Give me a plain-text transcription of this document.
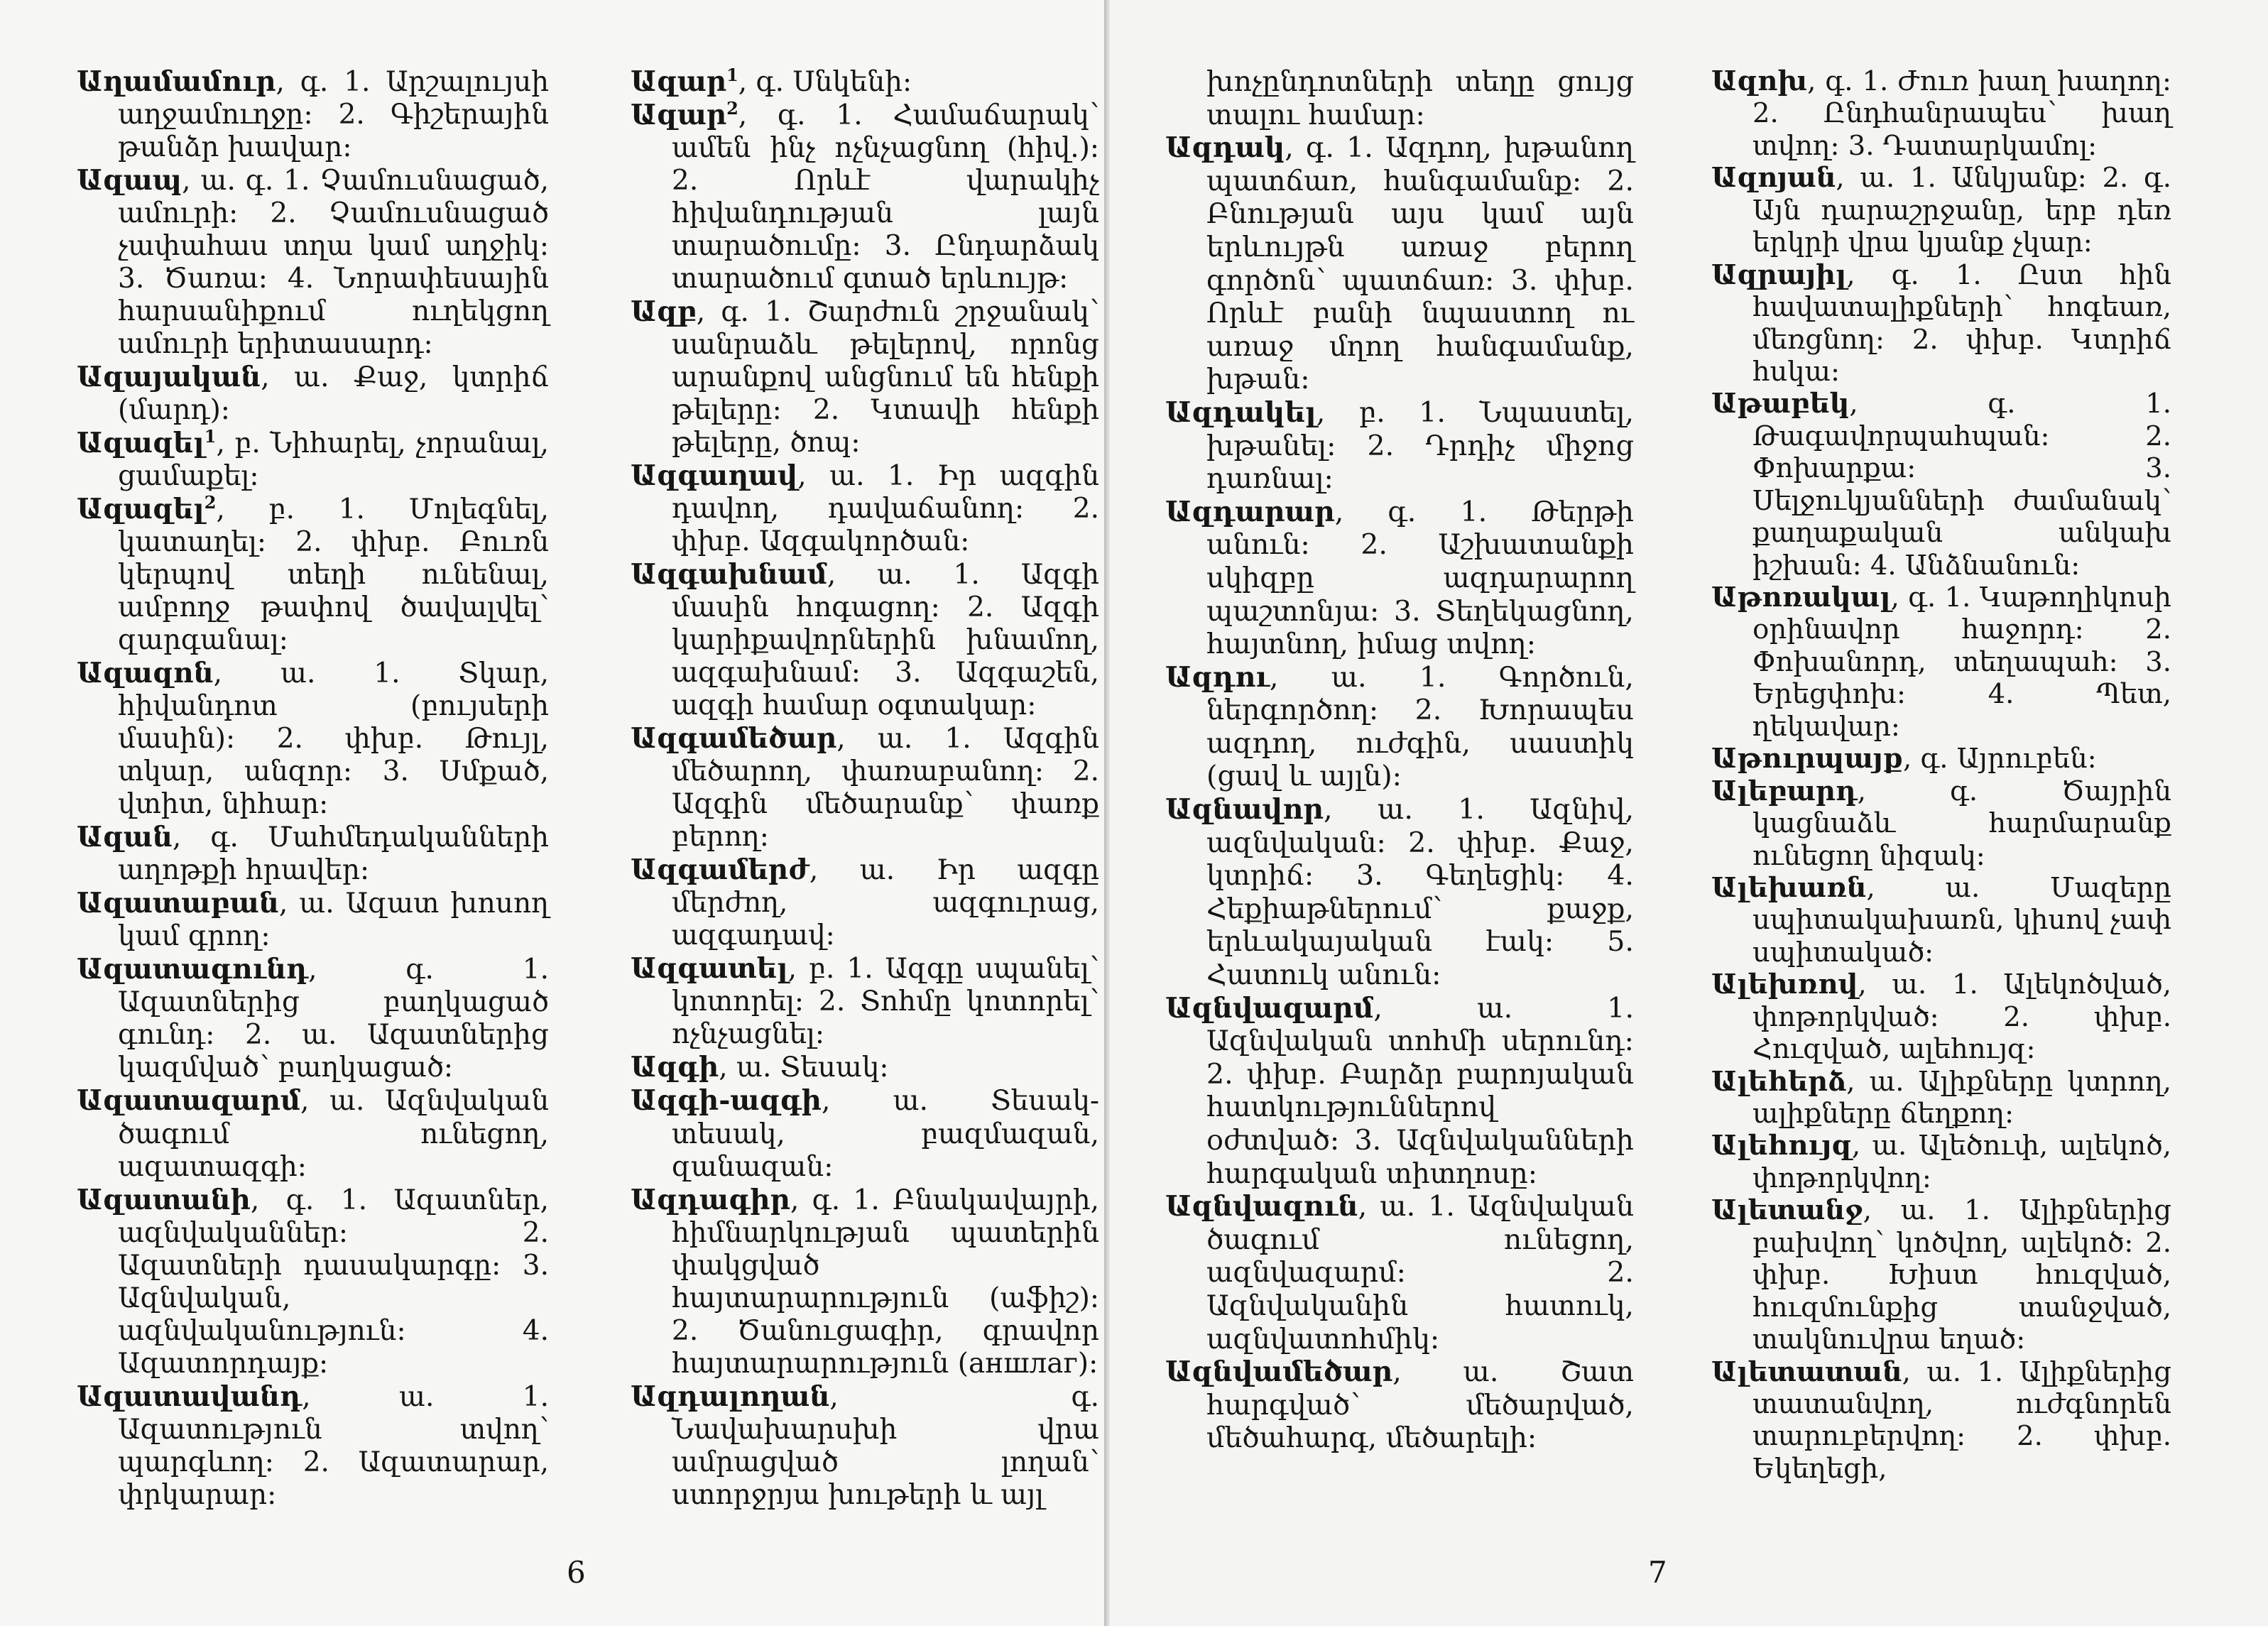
Աղամամուր, գ. 1. Արշալույսի աղջամուղջը: 2. Գիշերային թանձր խավար:

Ազապ, ա. գ. 1. Չամուսնացած, ամուրի: 2. Չամուսնացած չափահաս տղա կամ աղջիկ: 3. Ծառա: 4. Նորափեսային հարսանիքում ուղեկցող ամուրի երիտասարդ:

Ազայական, ա. Քաջ, կտրիճ (մարդ):

Ազազել$^1$, բ. Նիհարել, չորանալ, ցամաքել:

Ազազել$^2$, բ. 1. Մոլեգնել, կատաղել: 2. փխբ. Բուռն կերպով տեղի ունենալ, ամբողջ թափով ծավալվել՝ զարգանալ:

Ազազոն, ա. 1. Տկար, հիվանդոտ (բույսերի մասին): 2. փխբ. Թույլ, տկար, անզոր: 3. Սմքած, վտիտ, նիհար:

Ազան, գ. Մահմեդականների աղոթքի հրավեր:

Ազատաբան, ա. Ազատ խոսող կամ գրող:

Ազատագունդ, գ. 1. Ազատներից բաղկացած գունդ: 2. ա. Ազատներից կազմված՝ բաղկացած:

Ազատազարմ, ա. Ազնվական ծագում ունեցող, ազատազգի:

Ազատանի, գ. 1. Ազատներ, ազնվականներ: 2. Ազատների դասակարգը: 3. Ազնվական, ազնվականություն: 4. Ազատորդայք:

Ազատավանդ, ա. 1. Ազատություն տվող՝ պարգևող: 2. Ազատարար, փրկարար:

Ազար$^1$, գ. Սնկենի:

Ազար$^2$, գ. 1. Համաճարակ՝ ամեն ինչ ոչնչացնող (հիվ.): 2. Որևէ վարակիչ հիվանդության լայն տարածումը: 3. Ընդարձակ տարածում գտած երևույթ:

Ազբ, գ. 1. Շարժուն շրջանակ՝ սանրաձև թելերով, որոնց արանքով անցնում են հենքի թելերը: 2. Կտավի հենքի թելերը, ծոպ:

Ազգաղավ, ա. 1. Իր ազգին դավող, դավաճանող: 2. փխբ. Ազգակործան:

Ազգախնամ, ա. 1. Ազգի մասին հոգացող: 2. Ազգի կարիքավորներին խնամող, ազգախնամ: 3. Ազգաշեն, ազգի համար օգտակար:

Ազգամեծար, ա. 1. Ազգին մեծարող, փառաբանող: 2. Ազգին մեծարանք՝ փառք բերող:

Ազգամերժ, ա. Իր ազգը մերժող, ազգուրաց, ազգադավ:

Ազգատել, բ. 1. Ազգը սպանել՝ կոտորել: 2. Տոհմը կոտորել՝ ոչնչացնել:

Ազգի, ա. Տեսակ:

Ազգի-ազգի, ա. Տեսակ-տեսակ, բազմազան, զանազան:

Ազդագիր, գ. 1. Բնակավայրի, հիմնարկության պատերին փակցված հայտարարություն (աֆիշ): 2. Ծանուցագիր, գրավոր հայտարարություն (аншлаг):

Ազդալողան, գ. Նավախարսխի վրա ամրացված լողան՝ ստորջրյա խութերի և այլ

6

խոչընդոտների տեղը ցույց տալու համար:

Ազդակ, գ. 1. Ազդող, խթանող պատճառ, հանգամանք: 2. Բնության այս կամ այն երևույթն առաջ բերող գործոն՝ պատճառ: 3. փխբ. Որևէ բանի նպաստող ու առաջ մղող հանգամանք, խթան:

Ազդակել, բ. 1. Նպաստել, խթանել: 2. Դրդիչ միջոց դառնալ:

Ազդարար, գ. 1. Թերթի անուն: 2. Աշխատանքի սկիզբը ազդարարող պաշտոնյա: 3. Տեղեկացնող, հայտնող, իմաց տվող:

Ազդու, ա. 1. Գործուն, ներգործող: 2. Խորապես ազդող, ուժգին, սաստիկ (ցավ և այլն):

Ազնավոր, ա. 1. Ազնիվ, ազնվական: 2. փխբ. Քաջ, կտրիճ: 3. Գեղեցիկ: 4. Հեքիաթներում՝ քաջք, երևակայական էակ: 5. Հատուկ անուն:

Ազնվազարմ, ա. 1. Ազնվական տոհմի սերունդ: 2. փխբ. Բարձր բարոյական հատկություններով օժտված: 3. Ազնվականների հարգական տիտղոսը:

Ազնվազուն, ա. 1. Ազնվական ծագում ունեցող, ազնվազարմ: 2. Ազնվականին հատուկ, ազնվատոհմիկ:

Ազնվամեծար, ա. Շատ հարգված՝ մեծարված, մեծահարգ, մեծարելի:

Ազոխ, գ. 1. Ժուռ խաղ խաղող: 2. Ընդհանրապես՝ խաղ տվող: 3. Դատարկամոլ:

Ազոյան, ա. 1. Անկյանք: 2. գ. Այն դարաշրջանը, երբ դեռ երկրի վրա կյանք չկար:

Ազրայիլ, գ. 1. Ըստ հին հավատալիքների՝ հոգեառ, մեռցնող: 2. փխբ. Կտրիճ հսկա:

Աթաբեկ, գ. 1. Թագավորպահպան: 2. Փոխարքա: 3. Սելջուկյանների ժամանակ՝ քաղաքական անկախ իշխան: 4. Անձնանուն:

Աթոռակալ, գ. 1. Կաթողիկոսի օրինավոր հաջորդ: 2. Փոխանորդ, տեղապահ: 3. Երեցփոխ: 4. Պետ, ղեկավար:

Աթուրպայք, գ. Այրուբեն:

Ալեբարդ, գ. Ծայրին կացնաձև հարմարանք ունեցող նիզակ:

Ալեխառն, ա. Մազերը սպիտակախառն, կիսով չափ սպիտակած:

Ալեխռով, ա. 1. Ալեկոծված, փոթորկված: 2. փխբ. Հուզված, ալեհույզ:

Ալեհերձ, ա. Ալիքները կտրող, ալիքները ճեղքող:

Ալեհույզ, ա. Ալեծուփ, ալեկոծ, փոթորկվող:

Ալետանջ, ա. 1. Ալիքներից բախվող՝ կոծվող, ալեկոծ: 2. փխբ. Խիստ հուզված, հուզմունքից տանջված, տակնուվրա եղած:

Ալետատան, ա. 1. Ալիքներից տատանվող, ուժգնորեն տարուբերվող: 2. փխբ. Եկեղեցի,

7
